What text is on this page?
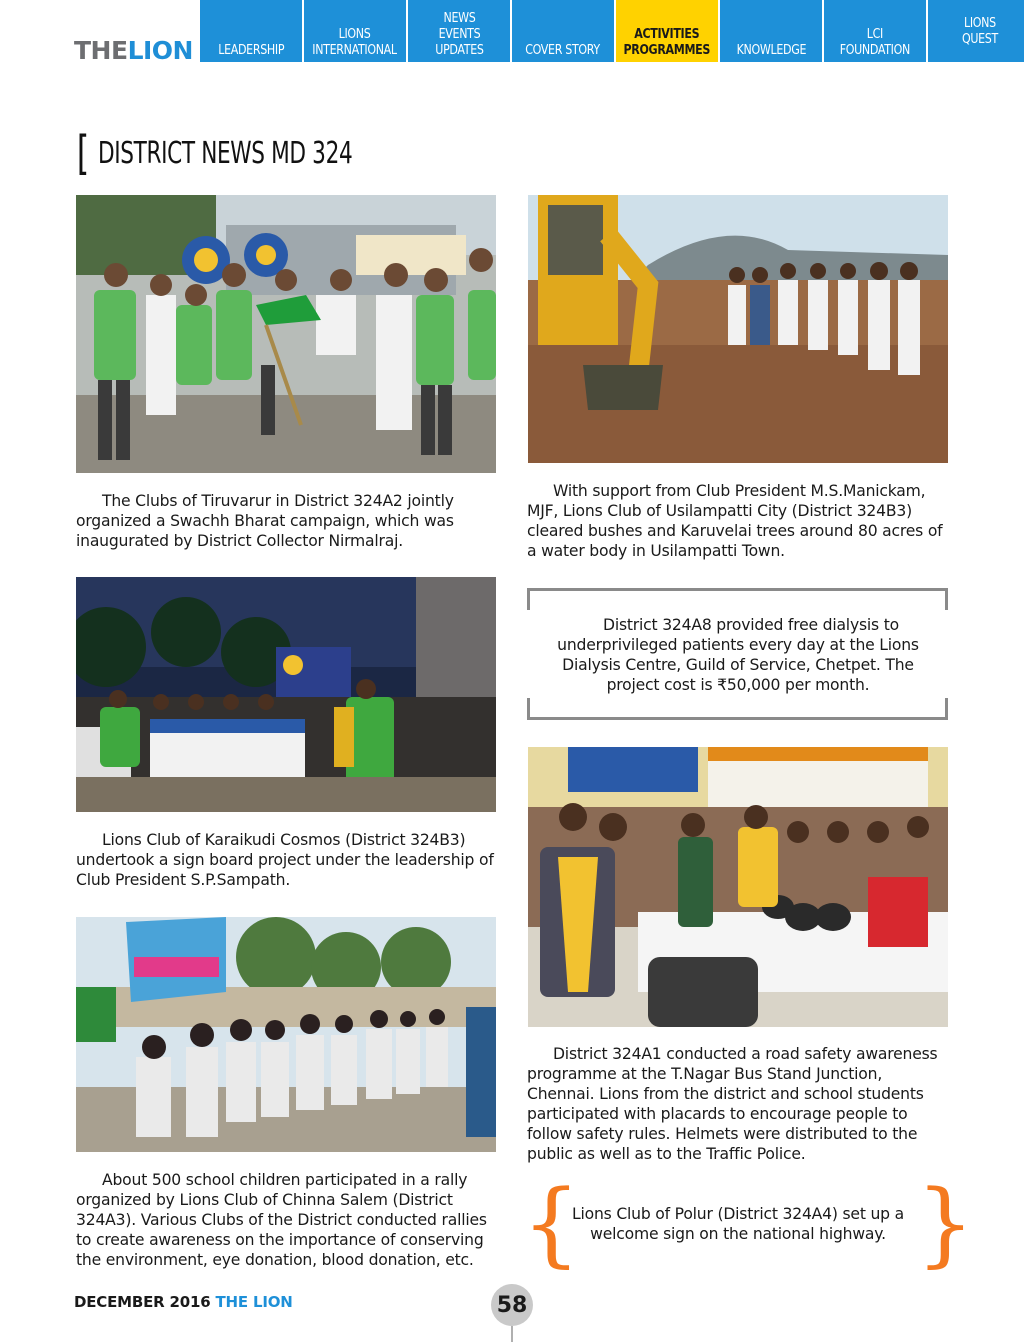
THELION LEADERSHIP
LIONS
INTERNATIONAL
NEWS
EVENTS
UPDATES	COVER STORY
ACTIVITIES
PROGRAMMES KNOWLEDGE
LCI
FOUNDATION
LIONS
QUEST
[ DISTRICT NEWS MD 324
The Clubs of Tiruvarur in District 324A2 jointly organized a Swachh Bharat campaign, which was inaugurated by District Collector Nirmalraj.
With support from Club President M.S.Manickam, MJF, Lions Club of Usilampatti City (District 324B3) cleared bushes and Karuvelai trees around 80 acres of a water body in Usilampatti Town.
District 324A8 provided free dialysis to underprivileged patients every day at the Lions Dialysis Centre, Guild of Service, Chetpet. The project cost is ₹50,000 per month.
Lions Club of Karaikudi Cosmos (District 324B3) undertook a sign board project under the leadership of Club President S.P.Sampath.
District 324A1 conducted a road safety awareness programme at the T.Nagar Bus Stand Junction, Chennai. Lions from the district and school students participated with placards to encourage people to follow safety rules. Helmets were distributed to the public as well as to the Traffic Police.
About 500 school children participated in a rally organized by Lions Club of Chinna Salem (District 324A3). Various Clubs of the District conducted rallies to create awareness on the importance of conserving the environment, eye donation, blood donation, etc. {	}
Lions Club of Polur (District 324A4) set up a welcome sign on the national highway.
DECEMBER 2016 THE LION	58
